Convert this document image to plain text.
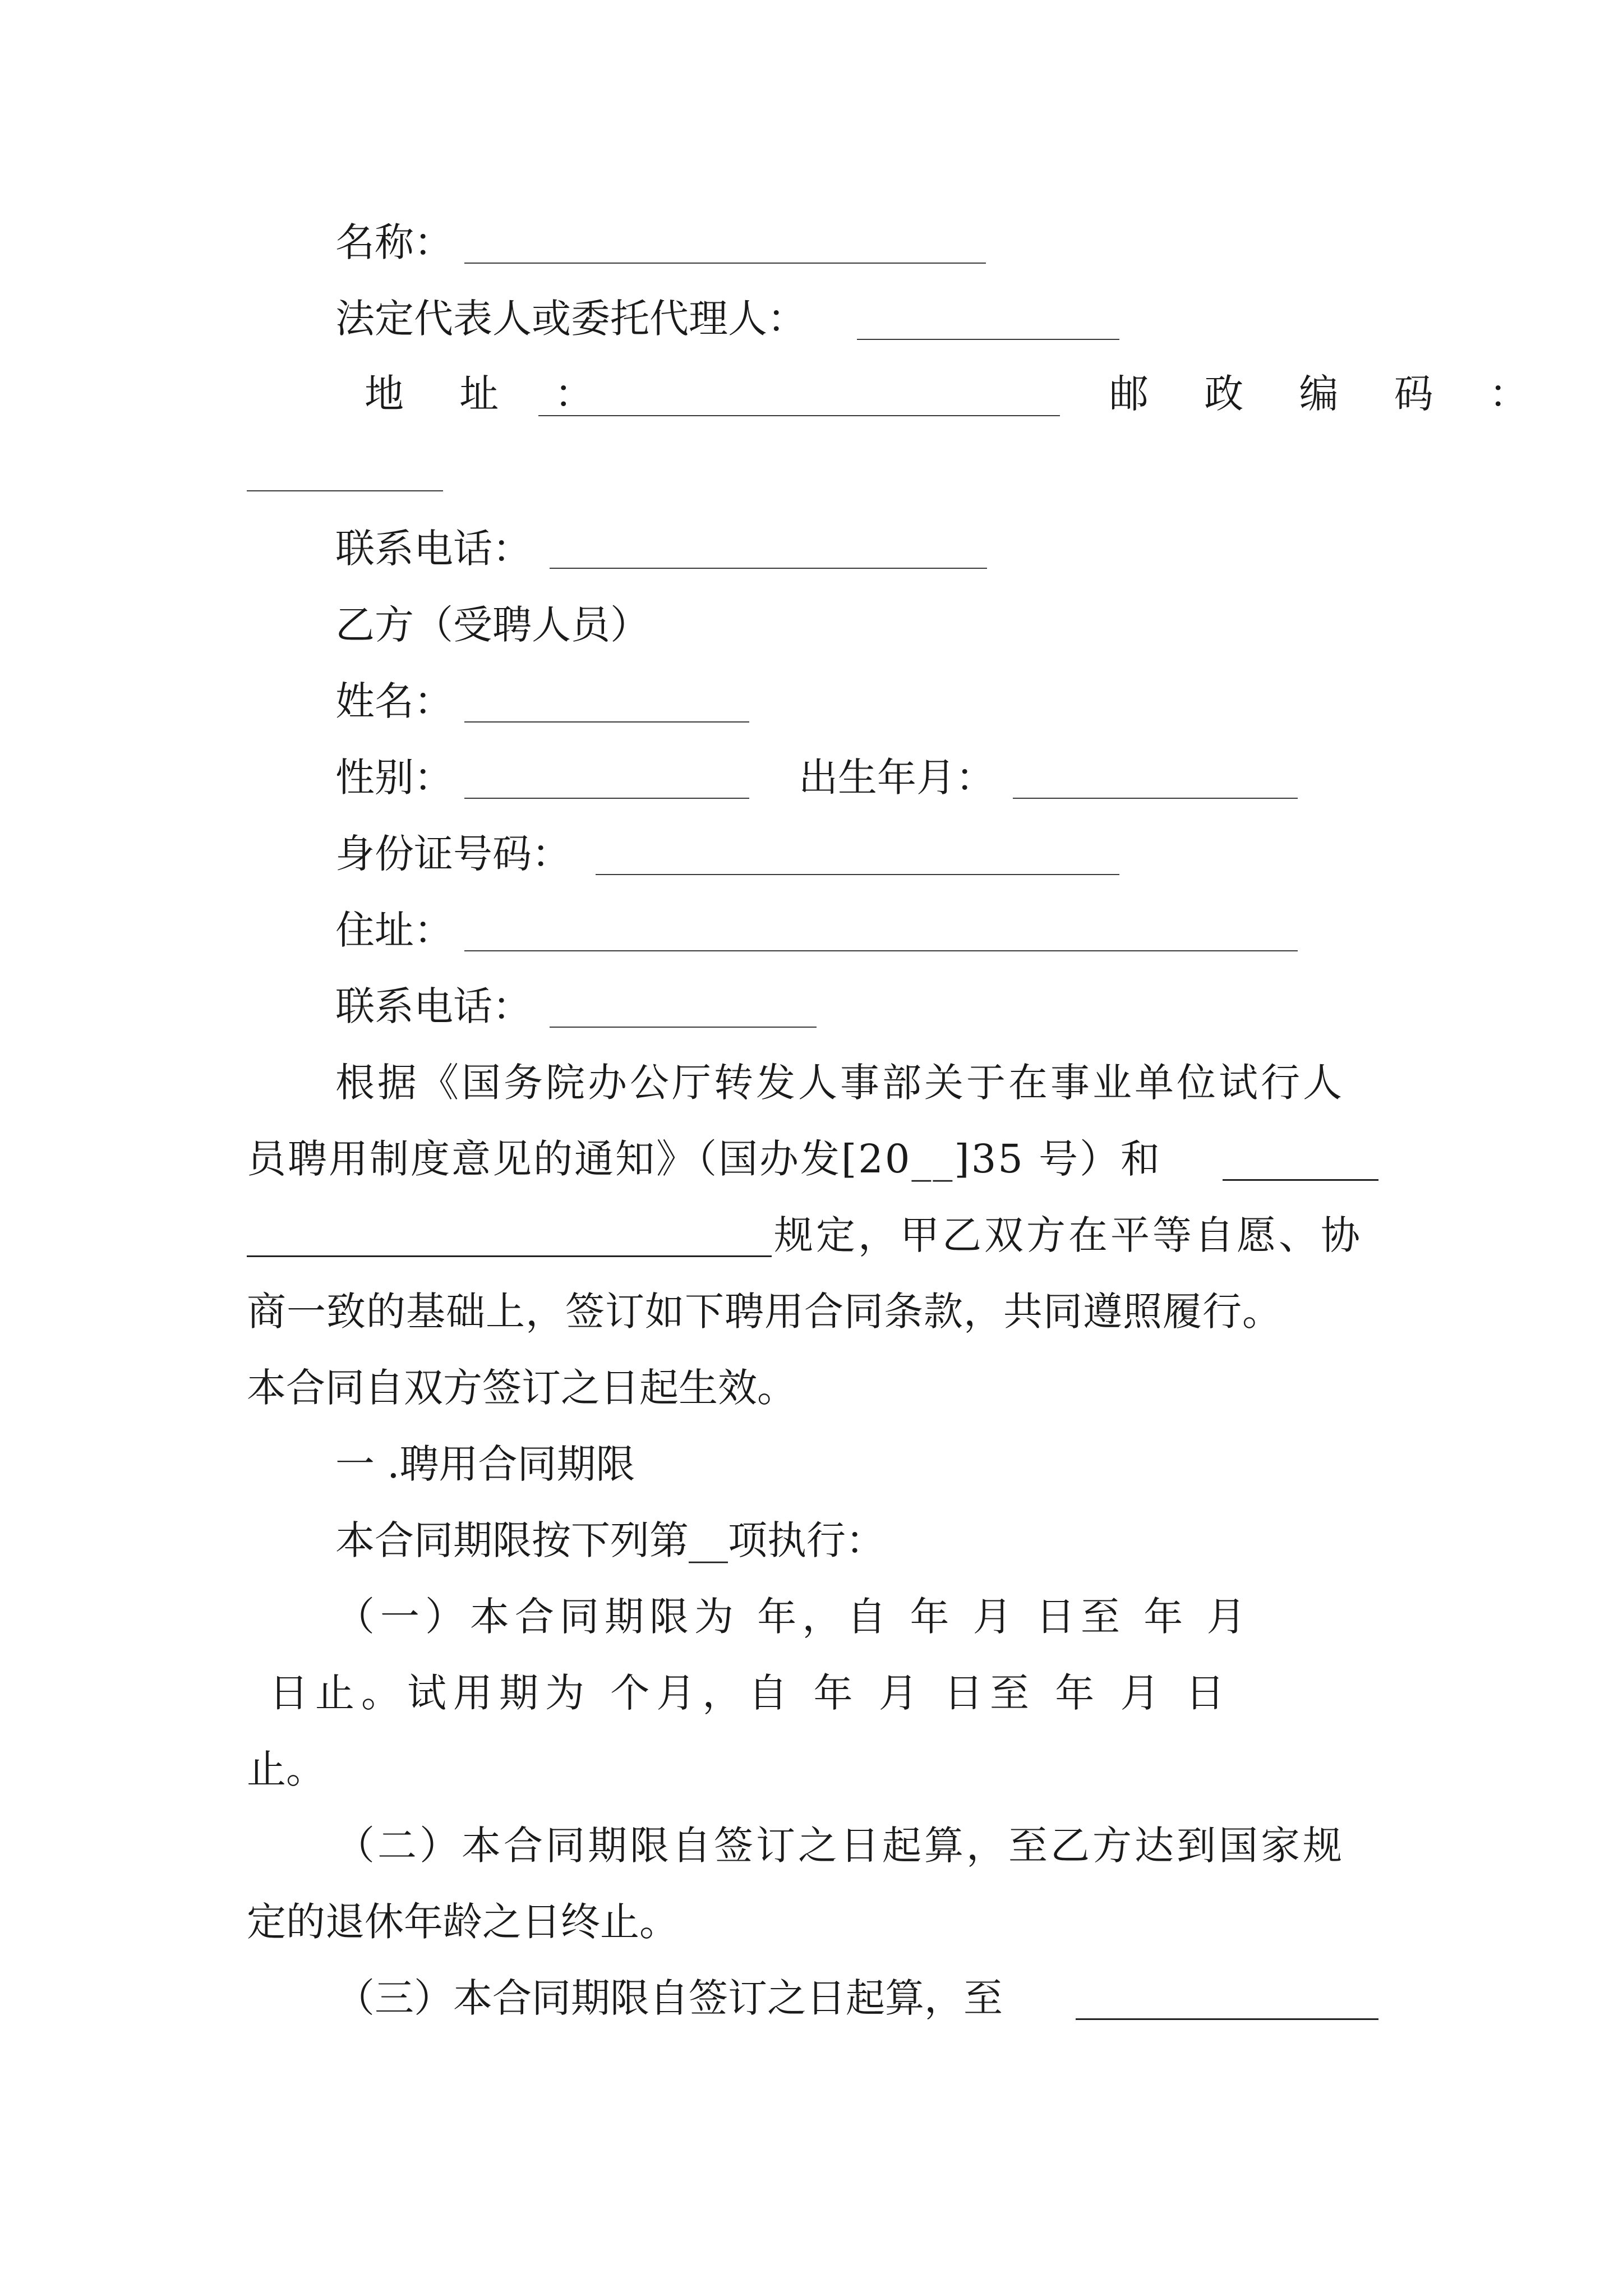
名称：
法定代表人或委托代理人：
地 址 ：	邮 政 编 码 ：
联系电话：
乙方（受聘人员）
姓名：
性别：	出生年月：
身份证号码：
住址：
联系电话：
根据《国务院办公厅转发人事部关于在事业单位试行人
员聘用制度意见的通知》（国办发[20__]35 号）和
规定，甲乙双方在平等自愿、协
商一致的基础上，签订如下聘用合同条款，共同遵照履行。
本合同自双方签订之日起生效。
一 .聘用合同期限
本合同期限按下列第__项执行：
（一）本合同期限为 年，自 年 月 日至 年 月
日止。试用期为 个月，自 年 月 日至 年 月 日
止。
（二）本合同期限自签订之日起算，至乙方达到国家规
定的退休年龄之日终止。
（三）本合同期限自签订之日起算，至
